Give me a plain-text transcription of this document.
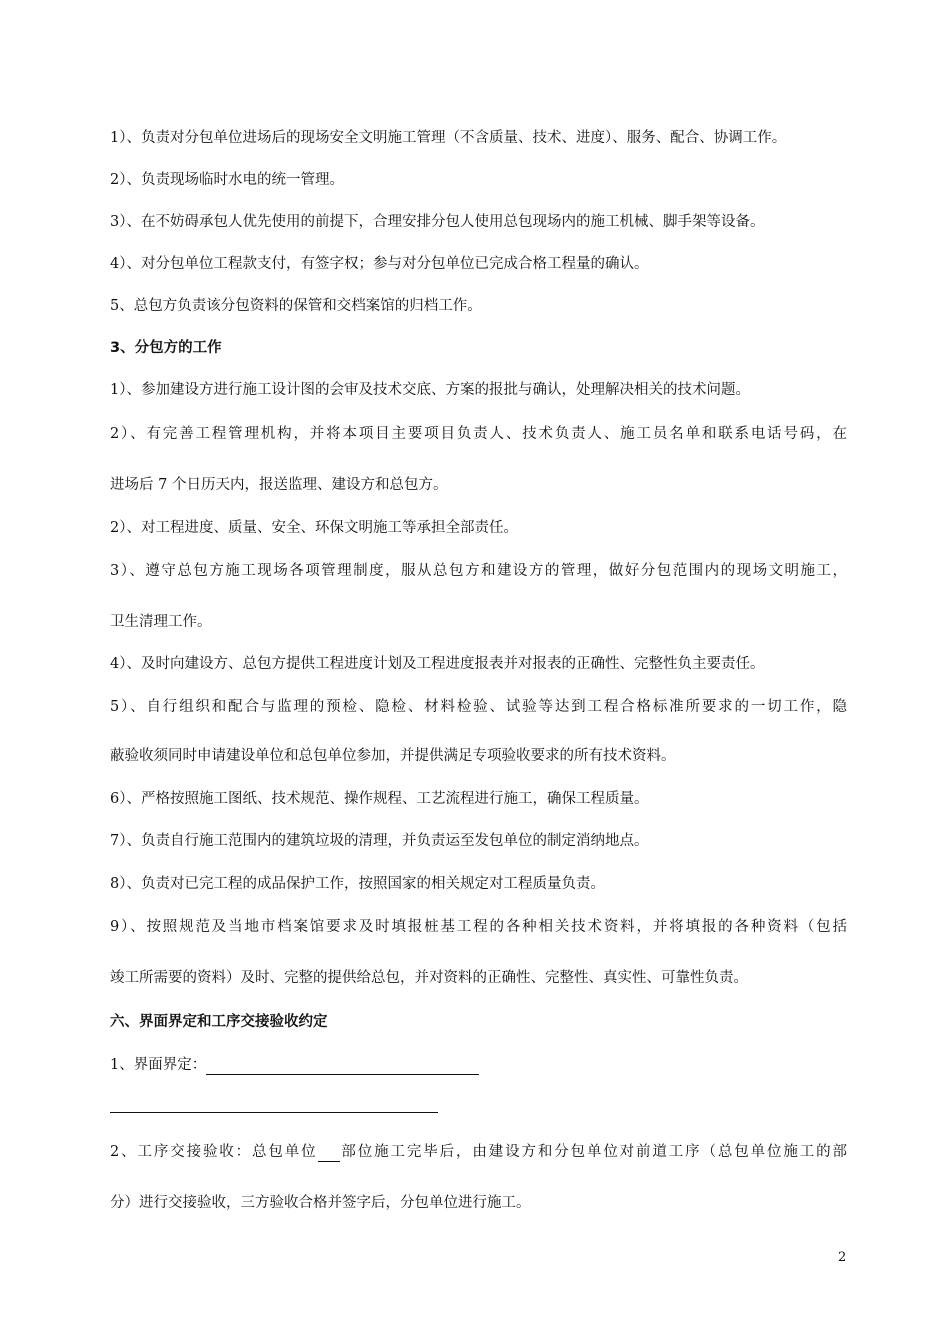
1）、负责对分包单位进场后的现场安全文明施工管理（不含质量、技术、进度）、服务、配合、协调工作。
2）、负责现场临时水电的统一管理。
3）、在不妨碍承包人优先使用的前提下，合理安排分包人使用总包现场内的施工机械、脚手架等设备。
4）、对分包单位工程款支付，有签字权；参与对分包单位已完成合格工程量的确认。
5、总包方负责该分包资料的保管和交档案馆的归档工作。
3、分包方的工作
1）、参加建设方进行施工设计图的会审及技术交底、方案的报批与确认，处理解决相关的技术问题。
2）、有完善工程管理机构，并将本项目主要项目负责人、技术负责人、施工员名单和联系电话号码，在
进场后 7 个日历天内，报送监理、建设方和总包方。
2）、对工程进度、质量、安全、环保文明施工等承担全部责任。
3）、遵守总包方施工现场各项管理制度，服从总包方和建设方的管理，做好分包范围内的现场文明施工，
卫生清理工作。
4）、及时向建设方、总包方提供工程进度计划及工程进度报表并对报表的正确性、完整性负主要责任。
5）、自行组织和配合与监理的预检、隐检、材料检验、试验等达到工程合格标准所要求的一切工作，隐
蔽验收须同时申请建设单位和总包单位参加，并提供满足专项验收要求的所有技术资料。
6）、严格按照施工图纸、技术规范、操作规程、工艺流程进行施工，确保工程质量。
7）、负责自行施工范围内的建筑垃圾的清理，并负责运至发包单位的制定消纳地点。
8）、负责对已完工程的成品保护工作，按照国家的相关规定对工程质量负责。
9）、按照规范及当地市档案馆要求及时填报桩基工程的各种相关技术资料，并将填报的各种资料（包括
竣工所需要的资料）及时、完整的提供给总包，并对资料的正确性、完整性、真实性、可靠性负责。
六、界面界定和工序交接验收约定
1、界面界定：
2、工序交接验收：总包单位 部位施工完毕后，由建设方和分包单位对前道工序（总包单位施工的部
分）进行交接验收，三方验收合格并签字后，分包单位进行施工。
2
